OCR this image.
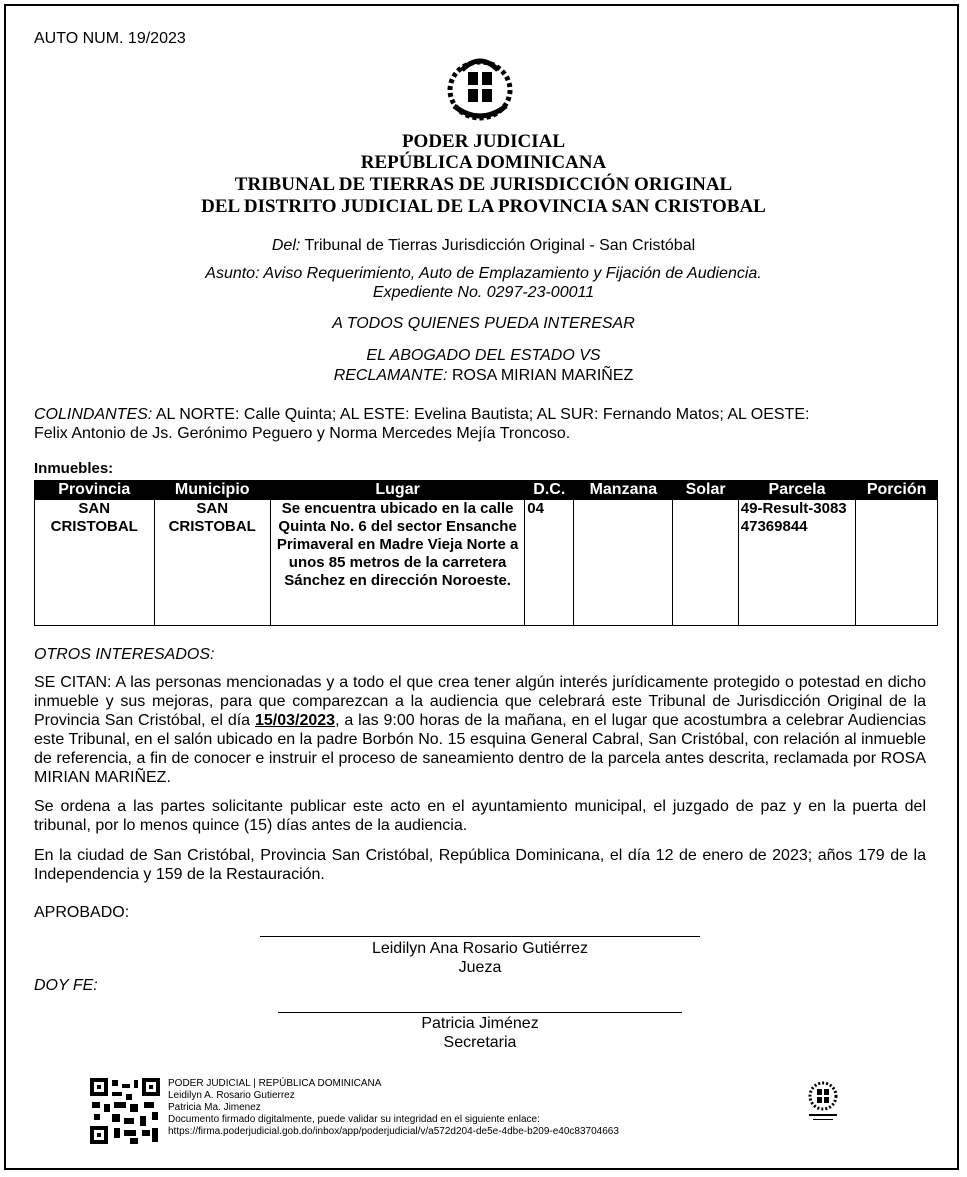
AUTO NUM. 19/2023
PODER JUDICIAL
REPÚBLICA DOMINICANA
TRIBUNAL DE TIERRAS DE JURISDICCIÓN ORIGINAL
DEL DISTRITO JUDICIAL DE LA PROVINCIA SAN CRISTOBAL
Del: Tribunal de Tierras Jurisdicción Original - San Cristóbal
Asunto: Aviso Requerimiento, Auto de Emplazamiento y Fijación de Audiencia.
Expediente No. 0297-23-00011
A TODOS QUIENES PUEDA INTERESAR
EL ABOGADO DEL ESTADO VS
RECLAMANTE: ROSA MIRIAN MARIÑEZ
COLINDANTES: AL NORTE: Calle Quinta; AL ESTE: Evelina Bautista; AL SUR: Fernando Matos; AL OESTE:
Felix Antonio de Js. Gerónimo Peguero y Norma Mercedes Mejía Troncoso.
Inmuebles:
Provincia	Municipio	Lugar	D.C.	Manzana	Solar	Parcela	Porción
SAN CRISTOBAL	SAN CRISTOBAL	Se encuentra ubicado en la calle Quinta No. 6 del sector Ensanche Primaveral en Madre Vieja Norte a unos 85 metros de la carretera Sánchez en dirección Noroeste.	04			49-Result-308347369844	
OTROS INTERESADOS:
SE CITAN: A las personas mencionadas y a todo el que crea tener algún interés jurídicamente protegido o potestad en dicho inmueble y sus mejoras, para que comparezcan a la audiencia que celebrará este Tribunal de Jurisdicción Original de la Provincia San Cristóbal, el día 15/03/2023, a las 9:00 horas de la mañana, en el lugar que acostumbra a celebrar Audiencias este Tribunal, en el salón ubicado en la padre Borbón No. 15 esquina General Cabral, San Cristóbal, con relación al inmueble de referencia, a fin de conocer e instruir el proceso de saneamiento dentro de la parcela antes descrita, reclamada por ROSA MIRIAN MARIÑEZ.
Se ordena a las partes solicitante publicar este acto en el ayuntamiento municipal, el juzgado de paz y en la puerta del tribunal, por lo menos quince (15) días antes de la audiencia.
En la ciudad de San Cristóbal, Provincia San Cristóbal, República Dominicana, el día 12 de enero de 2023; años 179 de la Independencia y 159 de la Restauración.
APROBADO:
Leidilyn Ana Rosario Gutiérrez
Jueza
DOY FE:
Patricia Jiménez
Secretaria
PODER JUDICIAL | REPÚBLICA DOMINICANA
Leidilyn A. Rosario Gutierrez
Patricia Ma. Jimenez
Documento firmado digitalmente, puede validar su integridad en el siguiente enlace:
https://firma.poderjudicial.gob.do/inbox/app/poderjudicial/v/a572d204-de5e-4dbe-b209-e40c83704663
